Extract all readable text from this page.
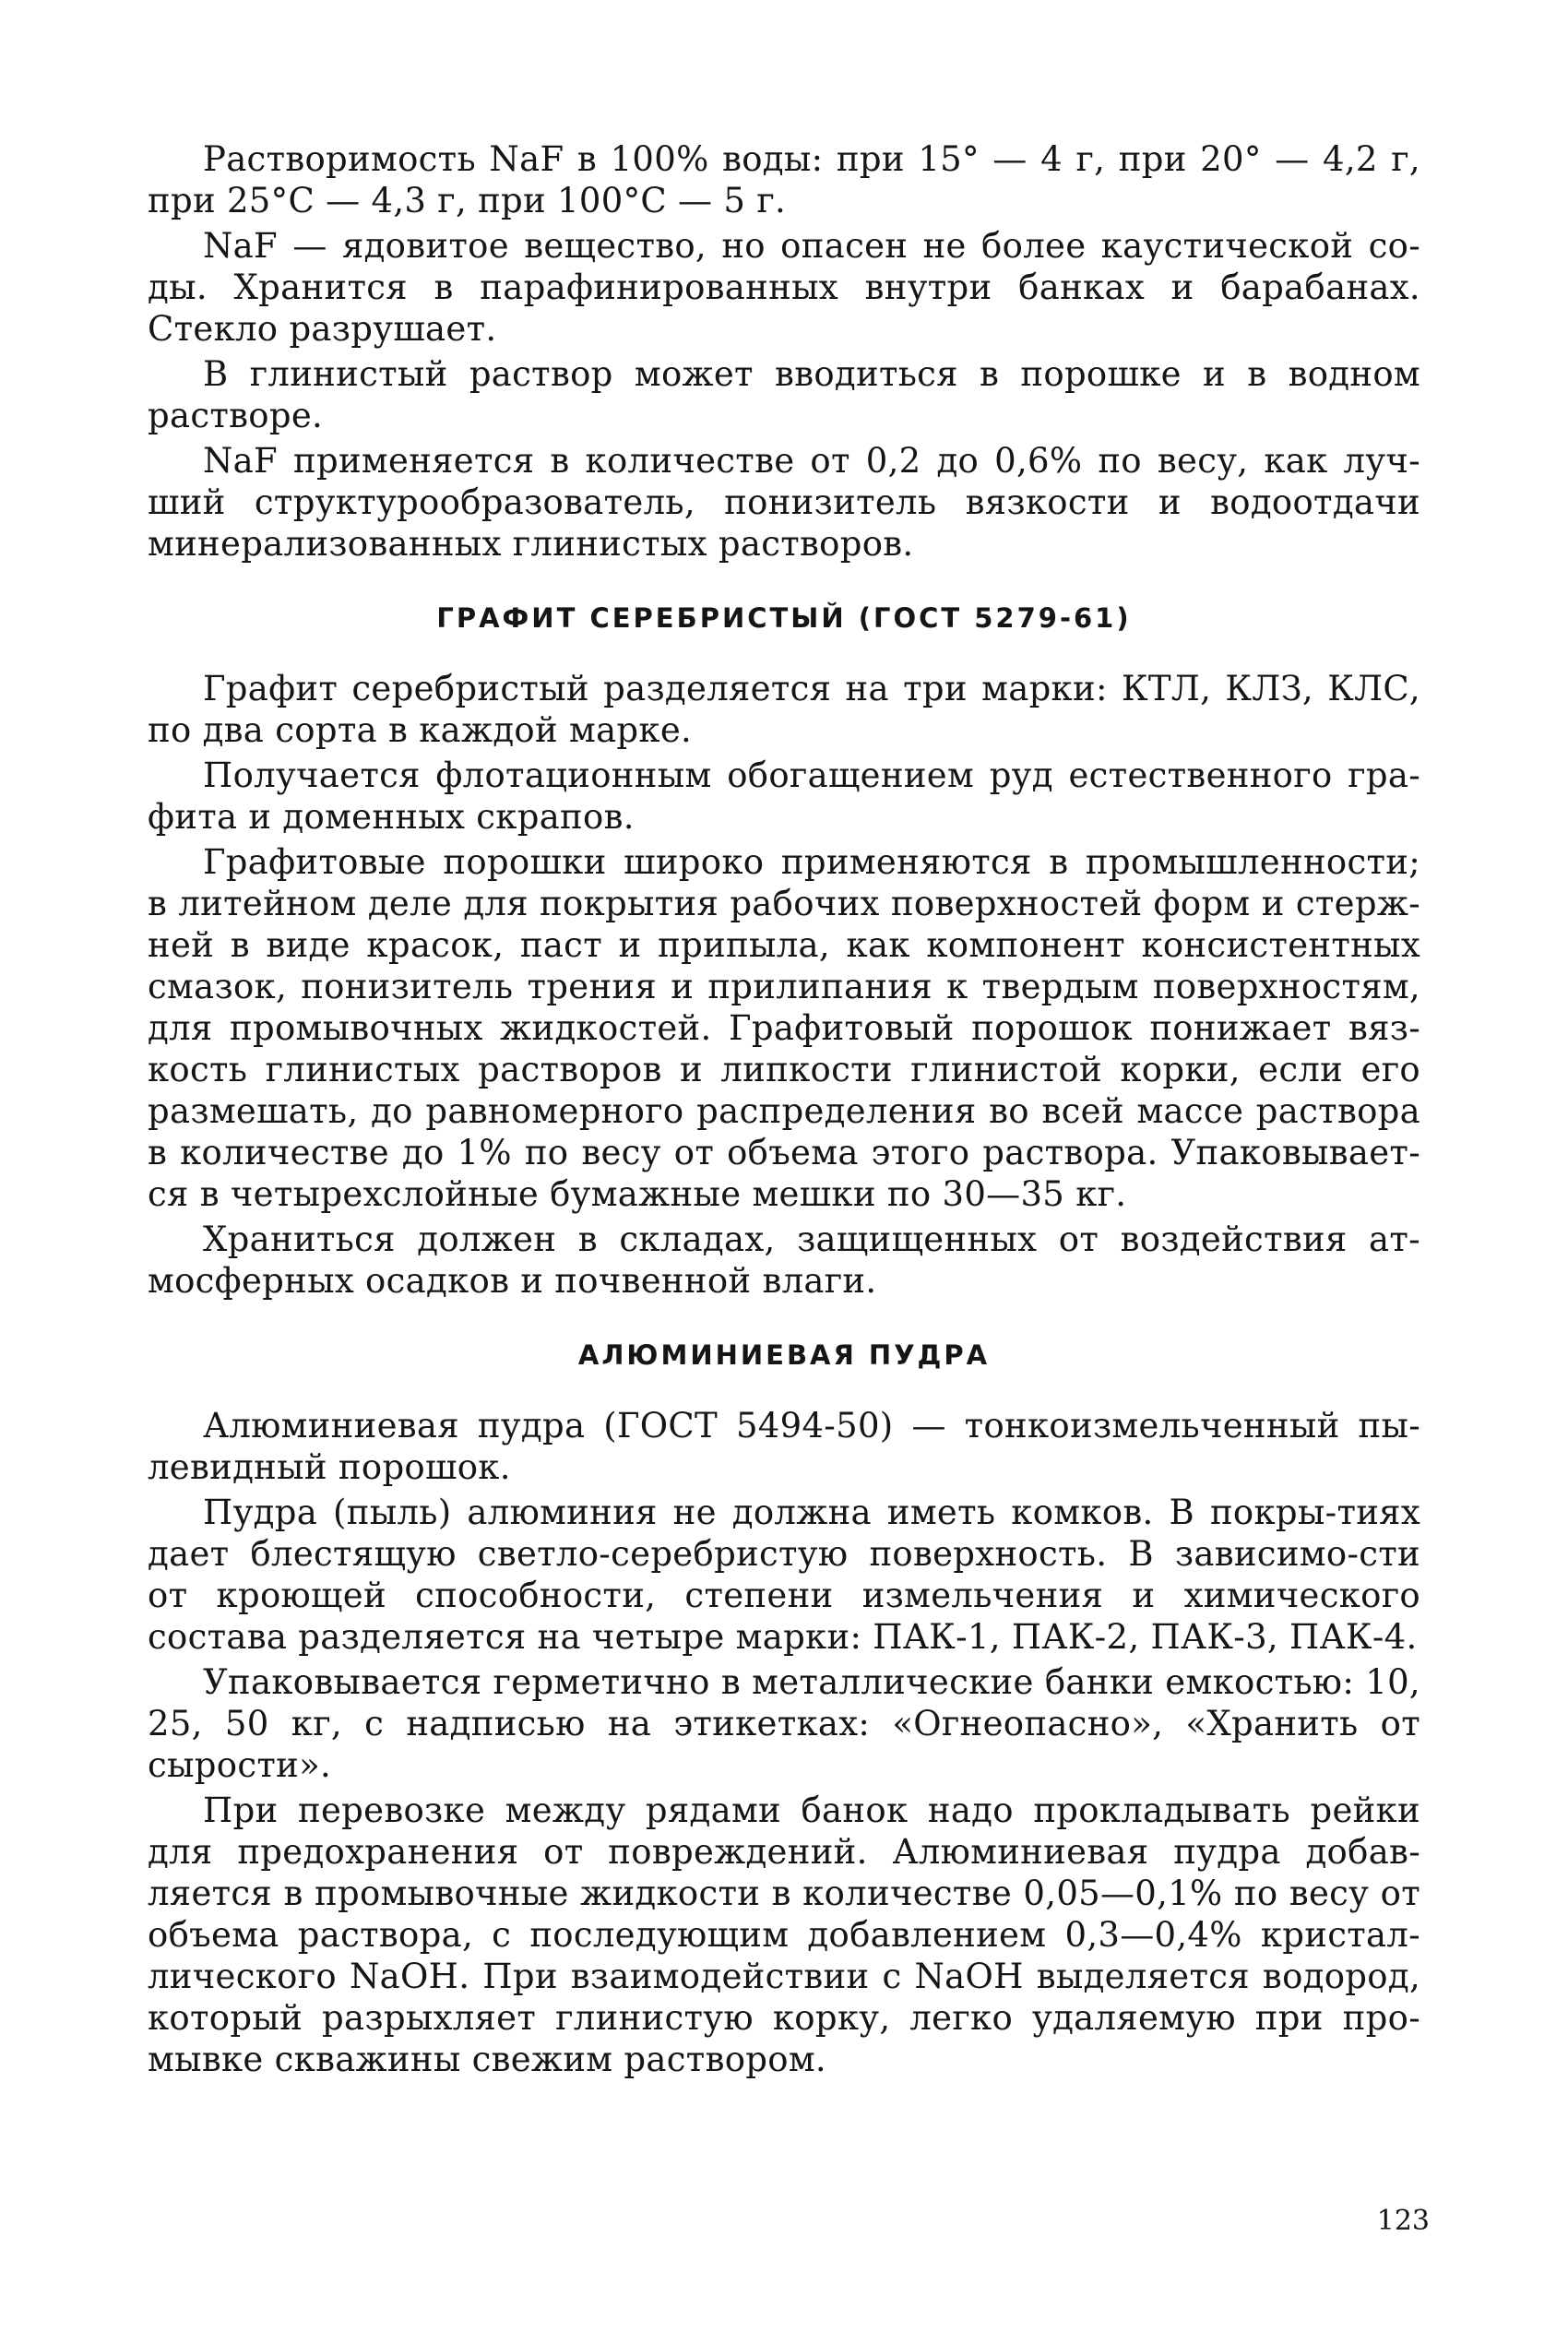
Растворимость NaF в 100% воды: при 15° — 4 г, при 20° — 4,2 г, при 25°С — 4,3 г, при 100°С — 5 г.

NaF — ядовитое вещество, но опасен не более каустической со-ды. Хранится в парафинированных внутри банках и барабанах. Стекло разрушает.

В глинистый раствор может вводиться в порошке и в водном растворе.

NaF применяется в количестве от 0,2 до 0,6% по весу, как луч-ший структурообразователь, понизитель вязкости и водоотдачи минерализованных глинистых растворов.

ГРАФИТ СЕРЕБРИСТЫЙ (ГОСТ 5279-61)

Графит серебристый разделяется на три марки: КТЛ, КЛЗ, КЛС, по два сорта в каждой марке.

Получается флотационным обогащением руд естественного гра-фита и доменных скрапов.

Графитовые порошки широко применяются в промышленности; в литейном деле для покрытия рабочих поверхностей форм и стерж-ней в виде красок, паст и припыла, как компонент консистентных смазок, понизитель трения и прилипания к твердым поверхностям, для промывочных жидкостей. Графитовый порошок понижает вяз-кость глинистых растворов и липкости глинистой корки, если его размешать, до равномерного распределения во всей массе раствора в количестве до 1% по весу от объема этого раствора. Упаковывает-ся в четырехслойные бумажные мешки по 30—35 кг.

Храниться должен в складах, защищенных от воздействия ат-мосферных осадков и почвенной влаги.

АЛЮМИНИЕВАЯ ПУДРА

Алюминиевая пудра (ГОСТ 5494-50) — тонкоизмельченный пы-левидный порошок.

Пудра (пыль) алюминия не должна иметь комков. В покры-тиях дает блестящую светло-серебристую поверхность. В зависимо-сти от кроющей способности, степени измельчения и химического состава разделяется на четыре марки: ПАК-1, ПАК-2, ПАК-3, ПАК-4.

Упаковывается герметично в металлические банки емкостью: 10, 25, 50 кг, с надписью на этикетках: «Огнеопасно», «Хранить от сырости».

При перевозке между рядами банок надо прокладывать рейки для предохранения от повреждений. Алюминиевая пудра добав-ляется в промывочные жидкости в количестве 0,05—0,1% по весу от объема раствора, с последующим добавлением 0,3—0,4% кристал-лического NaOH. При взаимодействии с NaOH выделяется водород, который разрыхляет глинистую корку, легко удаляемую при про-мывке скважины свежим раствором.

123
